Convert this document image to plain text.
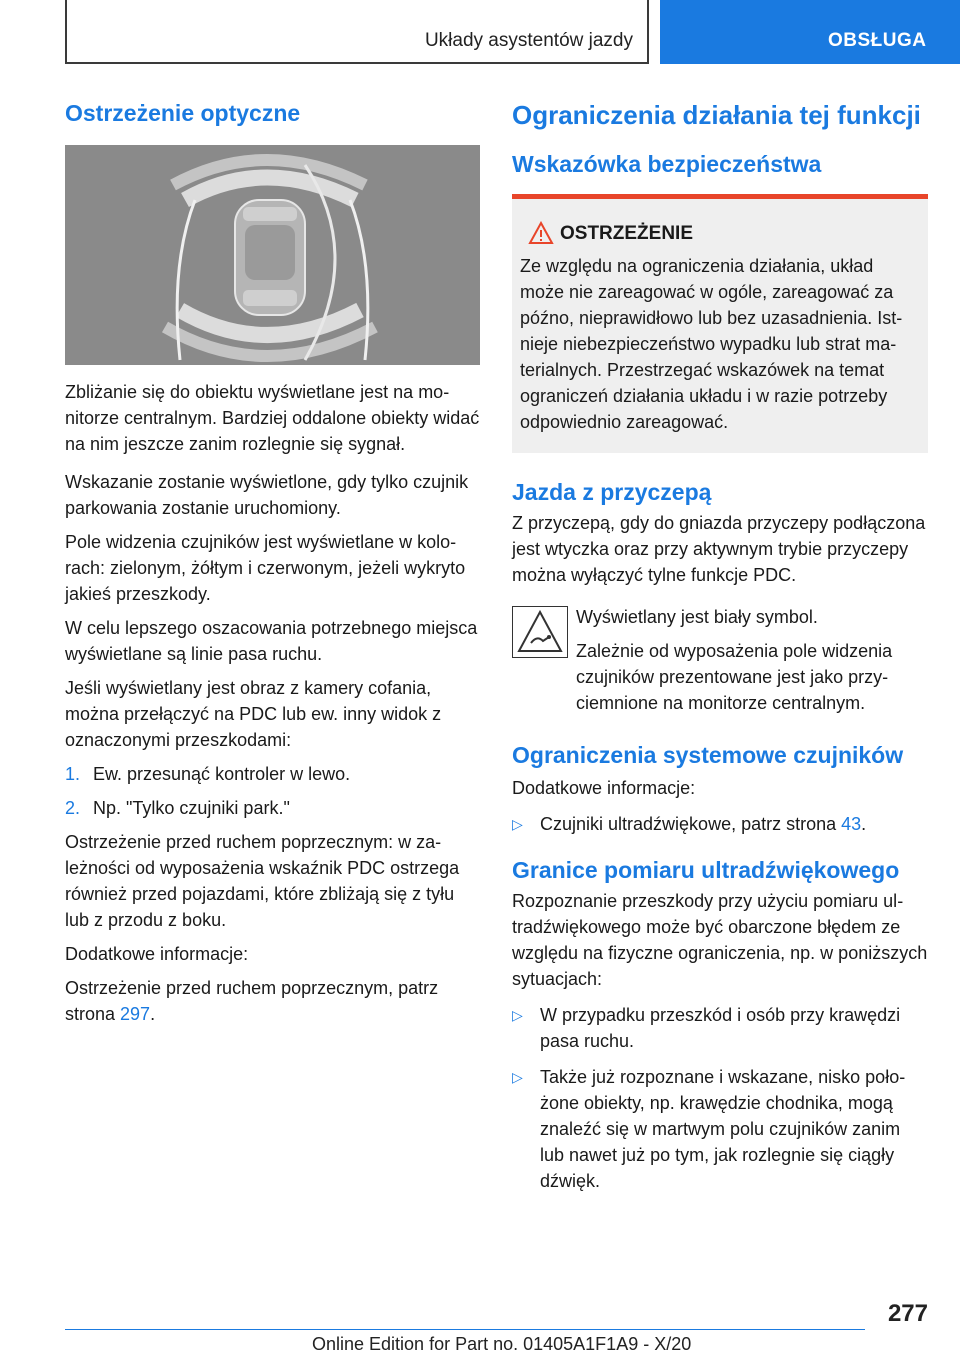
Układy asystentów jazdy	OBSŁUGA
Ostrzeżenie optyczne

Zbliżanie się do obiektu wyświetlane jest na monitorze centralnym. Bardziej oddalone obiekty widać na nim jeszcze zanim rozlegnie się sygnał.

Wskazanie zostanie wyświetlone, gdy tylko czujnik parkowania zostanie uruchomiony.

Pole widzenia czujników jest wyświetlane w kolorach: zielonym, żółtym i czerwonym, jeżeli wykryto jakieś przeszkody.

W celu lepszego oszacowania potrzebnego miejsca wyświetlane są linie pasa ruchu.

Jeśli wyświetlany jest obraz z kamery cofania, można przełączyć na PDC lub ew. inny widok z oznaczonymi przeszkodami:

1. Ew. przesunąć kontroler w lewo.
2. Np. "Tylko czujniki park."

Ostrzeżenie przed ruchem poprzecznym: w zależności od wyposażenia wskaźnik PDC ostrzega również przed pojazdami, które zbliżają się z tyłu lub z przodu z boku.

Dodatkowe informacje:

Ostrzeżenie przed ruchem poprzecznym, patrz strona 297.

Ograniczenia działania tej funkcji
Wskazówka bezpieczeństwa
OSTRZEŻENIE

Ze względu na ograniczenia działania, układ może nie zareagować w ogóle, zareagować za późno, nieprawidłowo lub bez uzasadnienia. Istnieje niebezpieczeństwo wypadku lub strat materialnych. Przestrzegać wskazówek na temat ograniczeń działania układu i w razie potrzeby odpowiednio zareagować.

Jazda z przyczepą

Z przyczepą, gdy do gniazda przyczepy podłączona jest wtyczka oraz przy aktywnym trybie przyczepy można wyłączyć tylne funkcje PDC.

Wyświetlany jest biały symbol.

Zależnie od wyposażenia pole widzenia czujników prezentowane jest jako przyciemnione na monitorze centralnym.

Ograniczenia systemowe czujników

Dodatkowe informacje:

▷ Czujniki ultradźwiękowe, patrz strona 43.
Granice pomiaru ultradźwiękowego

Rozpoznanie przeszkody przy użyciu pomiaru ultradźwiękowego może być obarczone błędem ze względu na fizyczne ograniczenia, np. w poniższych sytuacjach:

▷ W przypadku przeszkód i osób przy krawędzi pasa ruchu.
▷ Także już rozpoznane i wskazane, nisko położone obiekty, np. krawędzie chodnika, mogą znaleźć się w martwym polu czujników zanim lub nawet już po tym, jak rozlegnie się ciągły dźwięk.
277
Online Edition for Part no. 01405A1F1A9 - X/20
